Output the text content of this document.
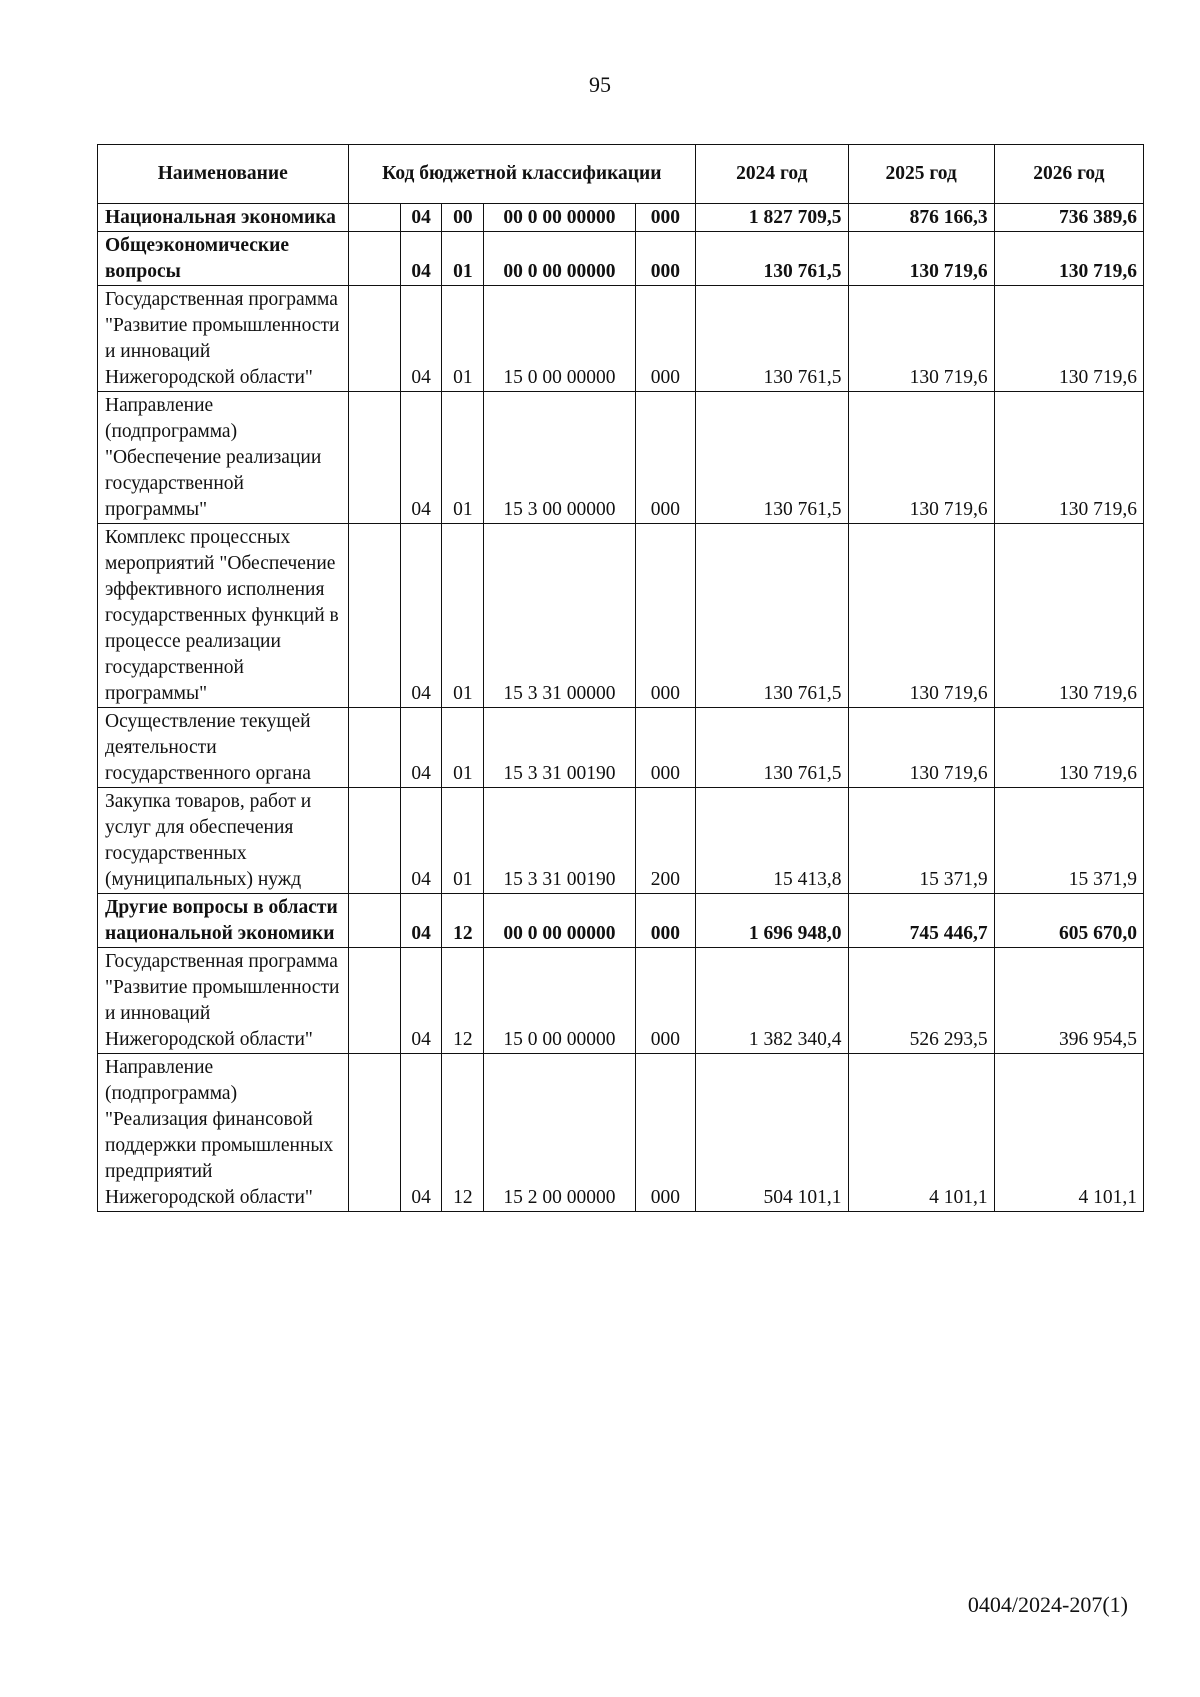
95
Наименование	Код бюджетной классификации					2024 год	2025 год	2026 год
Национальная экономика		04	00	00 0 00 00000	000	1 827 709,5	876 166,3	736 389,6
Общеэкономические вопросы		04	01	00 0 00 00000	000	130 761,5	130 719,6	130 719,6
Государственная программа "Развитие промышленности и инноваций Нижегородской области"		04	01	15 0 00 00000	000	130 761,5	130 719,6	130 719,6
Направление (подпрограмма) "Обеспечение реализации государственной программы"		04	01	15 3 00 00000	000	130 761,5	130 719,6	130 719,6
Комплекс процессных мероприятий "Обеспечение эффективного исполнения государственных функций в процессе реализации государственной программы"		04	01	15 3 31 00000	000	130 761,5	130 719,6	130 719,6
Осуществление текущей деятельности государственного органа		04	01	15 3 31 00190	000	130 761,5	130 719,6	130 719,6
Закупка товаров, работ и услуг для обеспечения государственных (муниципальных) нужд		04	01	15 3 31 00190	200	15 413,8	15 371,9	15 371,9
Другие вопросы в области национальной экономики		04	12	00 0 00 00000	000	1 696 948,0	745 446,7	605 670,0
Государственная программа "Развитие промышленности и инноваций Нижегородской области"		04	12	15 0 00 00000	000	1 382 340,4	526 293,5	396 954,5
Направление (подпрограмма) "Реализация финансовой поддержки промышленных предприятий Нижегородской области"		04	12	15 2 00 00000	000	504 101,1	4 101,1	4 101,1
0404/2024-207(1)
